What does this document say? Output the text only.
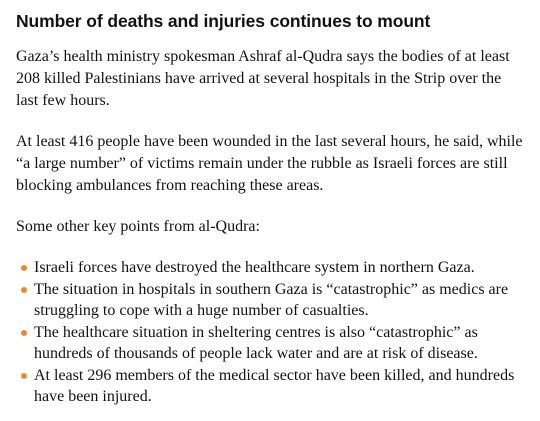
Number of deaths and injuries continues to mount

Gaza’s health ministry spokesman Ashraf al-Qudra says the bodies of at least 208 killed Palestinians have arrived at several hospitals in the Strip over the last few hours.

At least 416 people have been wounded in the last several hours, he said, while “a large number” of victims remain under the rubble as Israeli forces are still blocking ambulances from reaching these areas.

Some other key points from al-Qudra:

Israeli forces have destroyed the healthcare system in northern Gaza.
The situation in hospitals in southern Gaza is “catastrophic” as medics are struggling to cope with a huge number of casualties.
The healthcare situation in sheltering centres is also “catastrophic” as hundreds of thousands of people lack water and are at risk of disease.
At least 296 members of the medical sector have been killed, and hundreds have been injured.
